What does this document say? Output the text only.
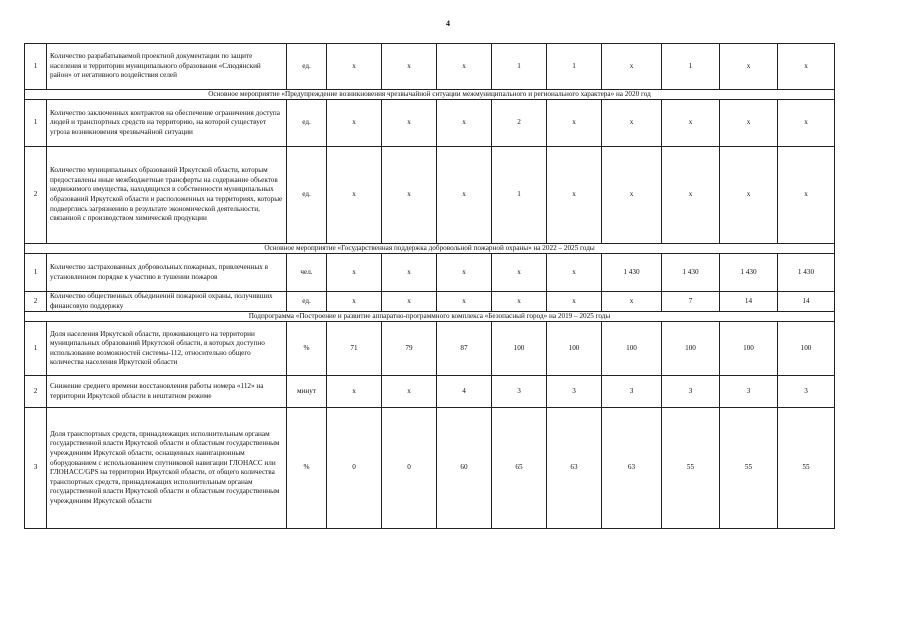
4
1	Количество разрабатываемой проектной документации по защите населения и территории муниципального образования «Слюдянский район» от негативного воздействия селей	ед.	х	х	х	1	1	х	1	х	х
Основное мероприятие «Предупреждение возникновения чрезвычайной ситуации межмуниципального и регионального характера» на 2020 год											
1	Количество заключенных контрактов на обеспечение ограничения доступа людей и транспортных средств на территорию, на которой существует угроза возникновения чрезвычайной ситуации	ед.	х	х	х	2	х	х	х	х	х
2	Количество муниципальных образований Иркутской области, которым предоставлены иные межбюджетные трансферты на содержание объектов недвижимого имущества, находящихся в собственности муниципальных образований Иркутской области и расположенных на территориях, которые подверглись загрязнению в результате экономической деятельности, связанной с производством химической продукции	ед.	х	х	х	1	х	х	х	х	х
Основное мероприятие «Государственная поддержка добровольной пожарной охраны» на 2022 – 2025 годы											
1	Количество застрахованных добровольных пожарных, привлеченных в установленном порядке к участию в тушении пожаров	чел.	х	х	х	х	х	1 430	1 430	1 430	1 430
2	Количество общественных объединений пожарной охраны, получивших финансовую поддержку	ед.	х	х	х	х	х	х	7	14	14
Подпрограмма «Построение и развитие аппаратно-программного комплекса «Безопасный город» на 2019 – 2025 годы											
1	Доля населения Иркутской области, проживающего на территории муниципальных образований Иркутской области, в которых доступно использование возможностей системы-112, относительно общего количества населения Иркутской области	%	71	79	87	100	100	100	100	100	100
2	Снижение среднего времени восстановления работы номера «112» на территории Иркутской области в нештатном режиме	минут	х	х	4	3	3	3	3	3	3
3	Доля транспортных средств, принадлежащих исполнительным органам государственной власти Иркутской области и областным государственным учреждениям Иркутской области, оснащенных навигационным оборудованием с использованием спутниковой навигации ГЛОНАСС или ГЛОНАСС/GPS на территории Иркутской области, от общего количества транспортных средств, принадлежащих исполнительным органам государственной власти Иркутской области и областным государственным учреждениям Иркутской области	%	0	0	60	65	63	63	55	55	55
